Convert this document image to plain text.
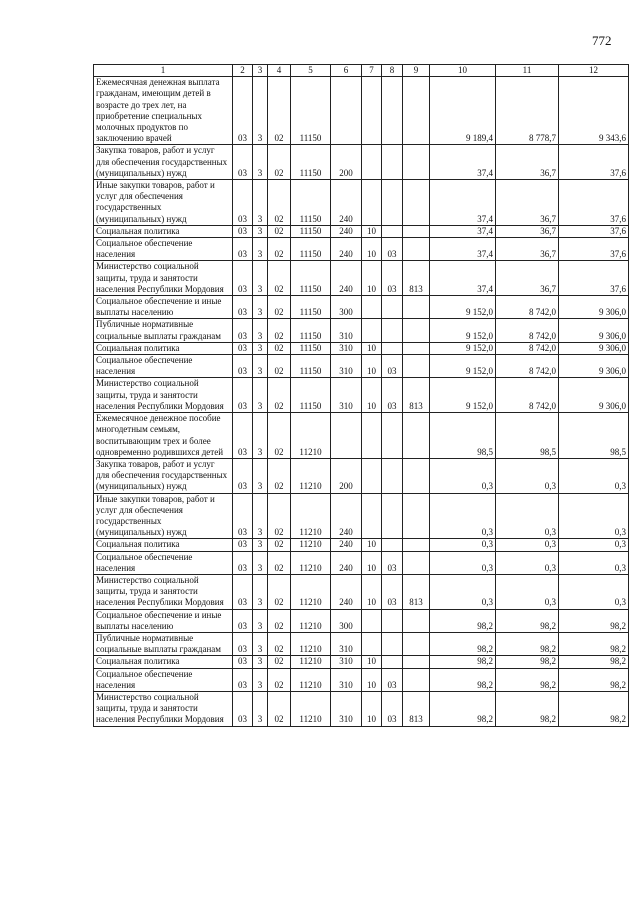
772
1	2	3	4	5	6	7	8	9	10	11	12
Ежемесячная денежная выплата гражданам, имеющим детей в возрасте до трех лет, на приобретение специальных молочных продуктов по заключению врачей	03	3	02	11150					9 189,4	8 778,7	9 343,6
Закупка товаров, работ и услуг для обеспечения государственных (муниципальных) нужд	03	3	02	11150	200				37,4	36,7	37,6
Иные закупки товаров, работ и услуг для обеспечения государственных (муниципальных) нужд	03	3	02	11150	240				37,4	36,7	37,6
Социальная политика	03	3	02	11150	240	10			37,4	36,7	37,6
Социальное обеспечение населения	03	3	02	11150	240	10	03		37,4	36,7	37,6
Министерство социальной защиты, труда и занятости населения Республики Мордовия	03	3	02	11150	240	10	03	813	37,4	36,7	37,6
Социальное обеспечение и иные выплаты населению	03	3	02	11150	300				9 152,0	8 742,0	9 306,0
Публичные нормативные социальные выплаты гражданам	03	3	02	11150	310				9 152,0	8 742,0	9 306,0
Социальная политика	03	3	02	11150	310	10			9 152,0	8 742,0	9 306,0
Социальное обеспечение населения	03	3	02	11150	310	10	03		9 152,0	8 742,0	9 306,0
Министерство социальной защиты, труда и занятости населения Республики Мордовия	03	3	02	11150	310	10	03	813	9 152,0	8 742,0	9 306,0
Ежемесячное денежное пособие многодетным семьям, воспитывающим трех и более одновременно родившихся детей	03	3	02	11210					98,5	98,5	98,5
Закупка товаров, работ и услуг для обеспечения государственных (муниципальных) нужд	03	3	02	11210	200				0,3	0,3	0,3
Иные закупки товаров, работ и услуг для обеспечения государственных (муниципальных) нужд	03	3	02	11210	240				0,3	0,3	0,3
Социальная политика	03	3	02	11210	240	10			0,3	0,3	0,3
Социальное обеспечение населения	03	3	02	11210	240	10	03		0,3	0,3	0,3
Министерство социальной защиты, труда и занятости населения Республики Мордовия	03	3	02	11210	240	10	03	813	0,3	0,3	0,3
Социальное обеспечение и иные выплаты населению	03	3	02	11210	300				98,2	98,2	98,2
Публичные нормативные социальные выплаты гражданам	03	3	02	11210	310				98,2	98,2	98,2
Социальная политика	03	3	02	11210	310	10			98,2	98,2	98,2
Социальное обеспечение населения	03	3	02	11210	310	10	03		98,2	98,2	98,2
Министерство социальной защиты, труда и занятости населения Республики Мордовия	03	3	02	11210	310	10	03	813	98,2	98,2	98,2
